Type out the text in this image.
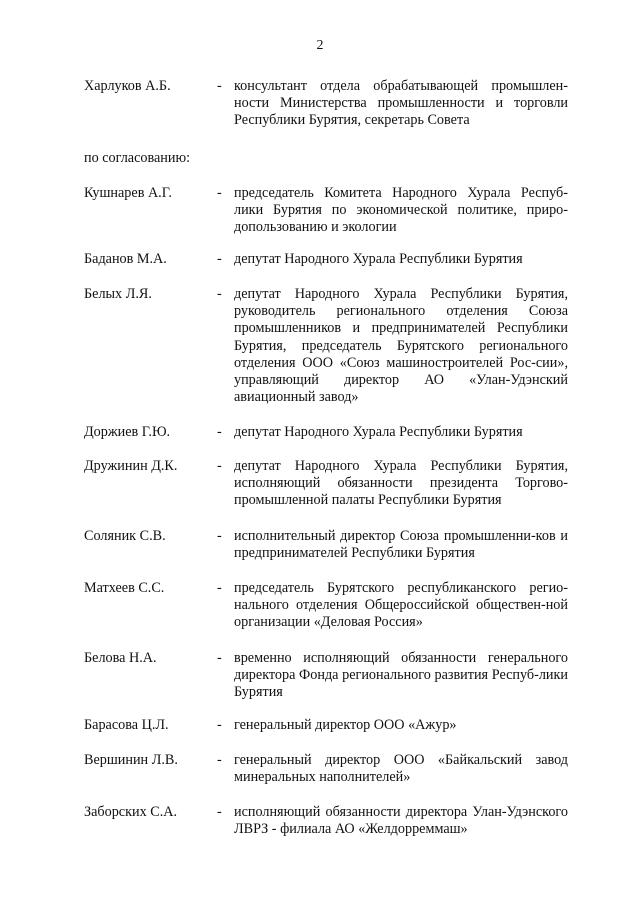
2
Харлуков А.Б.	- консультант отдела обрабатывающей промышлен-ности Министерства промышленности и торговли Республики Бурятия, секретарь Совета
по согласованию:
Кушнарев А.Г.	- председатель Комитета Народного Хурала Респуб-лики Бурятия по экономической политике, приро-допользованию и экологии
Баданов М.А.	- депутат Народного Хурала Республики Бурятия
Белых Л.Я.	- депутат Народного Хурала Республики Бурятия, руководитель регионального отделения Союза промышленников и предпринимателей Республики Бурятия, председатель Бурятского регионального отделения ООО «Союз машиностроителей Рос-сии», управляющий директор АО «Улан-Удэнский авиационный завод»
Доржиев Г.Ю.	- депутат Народного Хурала Республики Бурятия
Дружинин Д.К.	- депутат Народного Хурала Республики Бурятия, исполняющий обязанности президента Торгово-промышленной палаты Республики Бурятия
Соляник С.В.	- исполнительный директор Союза промышленни-ков и предпринимателей Республики Бурятия
Матхеев С.С.	- председатель Бурятского республиканского регио-нального отделения Общероссийской обществен-ной организации «Деловая Россия»
Белова Н.А.	- временно исполняющий обязанности генерального директора Фонда регионального развития Респуб-лики Бурятия
Барасова Ц.Л.	- генеральный директор ООО «Ажур»
Вершинин Л.В.	- генеральный директор ООО «Байкальский завод минеральных наполнителей»
Заборских С.А.	- исполняющий обязанности директора Улан-Удэнского ЛВРЗ - филиала АО «Желдорреммаш»
